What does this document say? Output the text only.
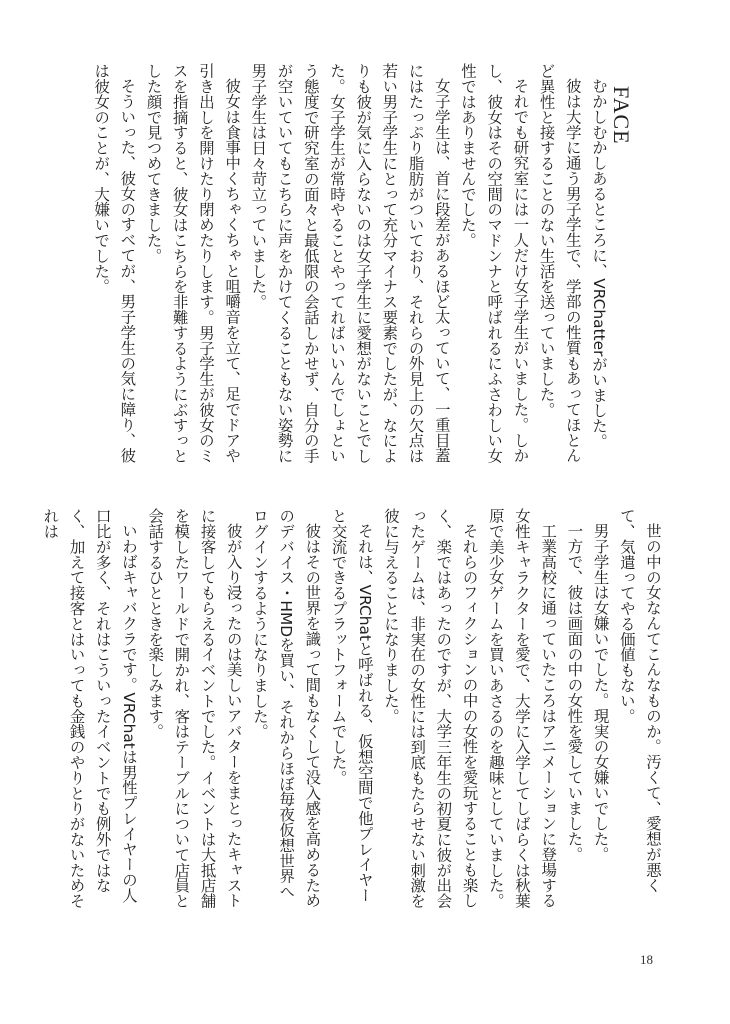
FACE

むかしむかしあるところに、VRChatterがいました。

彼は大学に通う男子学生で、学部の性質もあってほとんど異性と接することのない生活を送っていました。

それでも研究室には一人だけ女子学生がいました。しかし、彼女はその空間のマドンナと呼ばれるにふさわしい女性ではありませんでした。

女子学生は、首に段差があるほど太っていて、一重目蓋にはたっぷり脂肪がついており、それらの外見上の欠点は若い男子学生にとって充分マイナス要素でしたが、なによりも彼が気に入らないのは女子学生に愛想がないことでした。女子学生が常時やることやってればいいんでしょという態度で研究室の面々と最低限の会話しかせず、自分の手が空いていてもこちらに声をかけてくることもない姿勢に男子学生は日々苛立っていました。

彼女は食事中くちゃくちゃと咀嚼音を立て、足でドアや引き出しを開けたり閉めたりします。男子学生が彼女のミスを指摘すると、彼女はこちらを非難するようにぶすっとした顔で見つめてきました。

そういった、彼女のすべてが、男子学生の気に障り、彼は彼女のことが、大嫌いでした。

世の中の女なんてこんなものか。汚くて、愛想が悪くて、気遣ってやる価値もない。

男子学生は女嫌いでした。現実の女嫌いでした。

一方で、彼は画面の中の女性を愛していました。

工業高校に通っていたころはアニメーションに登場する女性キャラクターを愛で、大学に入学してしばらくは秋葉原で美少女ゲームを買いあさるのを趣味としていました。

それらのフィクションの中の女性を愛玩することも楽しく、楽ではあったのですが、大学三年生の初夏に彼が出会ったゲームは、非実在の女性には到底もたらせない刺激を彼に与えることになりました。

それは、VRChatと呼ばれる、仮想空間で他プレイヤーと交流できるプラットフォームでした。

彼はその世界を識って間もなくして没入感を高めるためのデバイス・HMDを買い、それからほぼ毎夜仮想世界へログインするようになりました。

彼が入り浸ったのは美しいアバターをまとったキャストに接客してもらえるイベントでした。イベントは大抵店舗を模したワールドで開かれ、客はテーブルについて店員と会話するひとときを楽しみます。

いわばキャバクラです。VRChatは男性プレイヤーの人口比が多く、それはこういったイベントでも例外ではなく、加えて接客とはいっても金銭のやりとりがないためそれは

18
